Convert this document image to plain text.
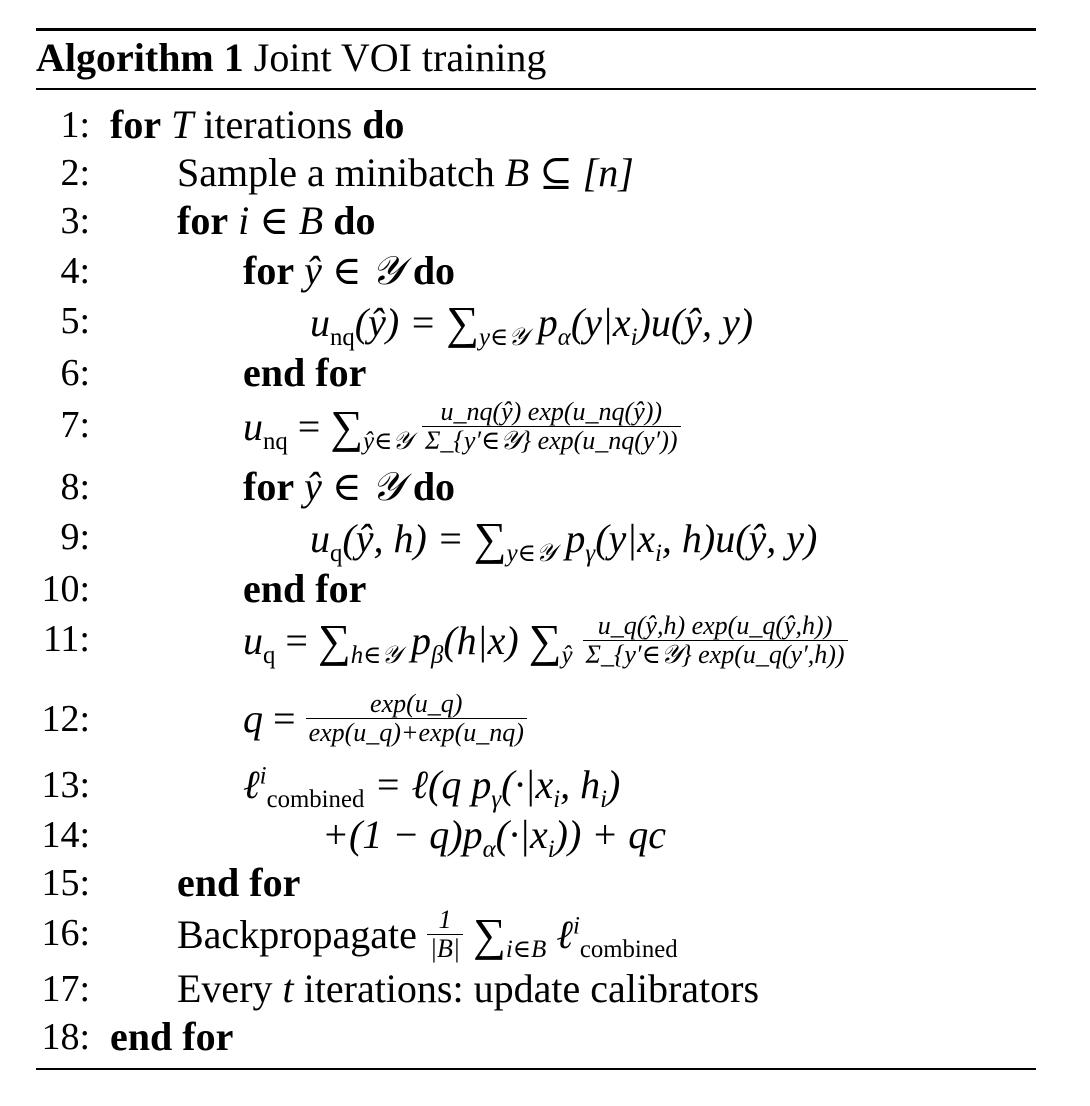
Algorithm 1 Joint VOI training
1: for T iterations do
2: Sample a minibatch B ⊆ [n]
3: for i ∈ B do
4:	for ŷ ∈ 𝒴 do
5:	$u_{nq}(ŷ) = \sum_{y\in 𝒴}$ $p_\alpha(y|x_i)u(ŷ$, y)
6:	end for
7:	$u_{nq} = \sum_{ŷ\in 𝒴} \frac{u\_nq(ŷ) \exp(u\_nq(ŷ))}{\text{Σ\_\{y′∈𝒴\} exp(u\_nq(y′))}}$
8:	for ŷ ∈ 𝒴 do
9:	$u_q(ŷ$, $h) = \sum_{y\in 𝒴}$ $p_\gamma(y|x_i$, h)u(ŷ, y)
10:	end for
11:	$u_q = \sum_{h\in 𝒴}$ $p_\beta(h|x)$ $\sum_ŷ \frac{u\_q(ŷ,h) \exp(u\_q(ŷ,h))}{\text{Σ\_\{y′∈𝒴\} exp(u\_q(y′,h))}}$
12:	$q = \frac{\exp(u\_q)}{\exp(u\_q)+\exp(u\_nq)}$
13:	ℓ$^i_{combined}$ = ℓ(q $p_\gamma(\cdot|x_i$, $h_i$)
14:	$+(1 - q)p_\alpha(\cdot|x_i)$) + qc
15: end for
16: Backpropagate $\frac{1}{|B|} \sum_{i\in B}$ ℓ$^i_{combined}$
17: Every t iterations: update calibrators
18: end for
